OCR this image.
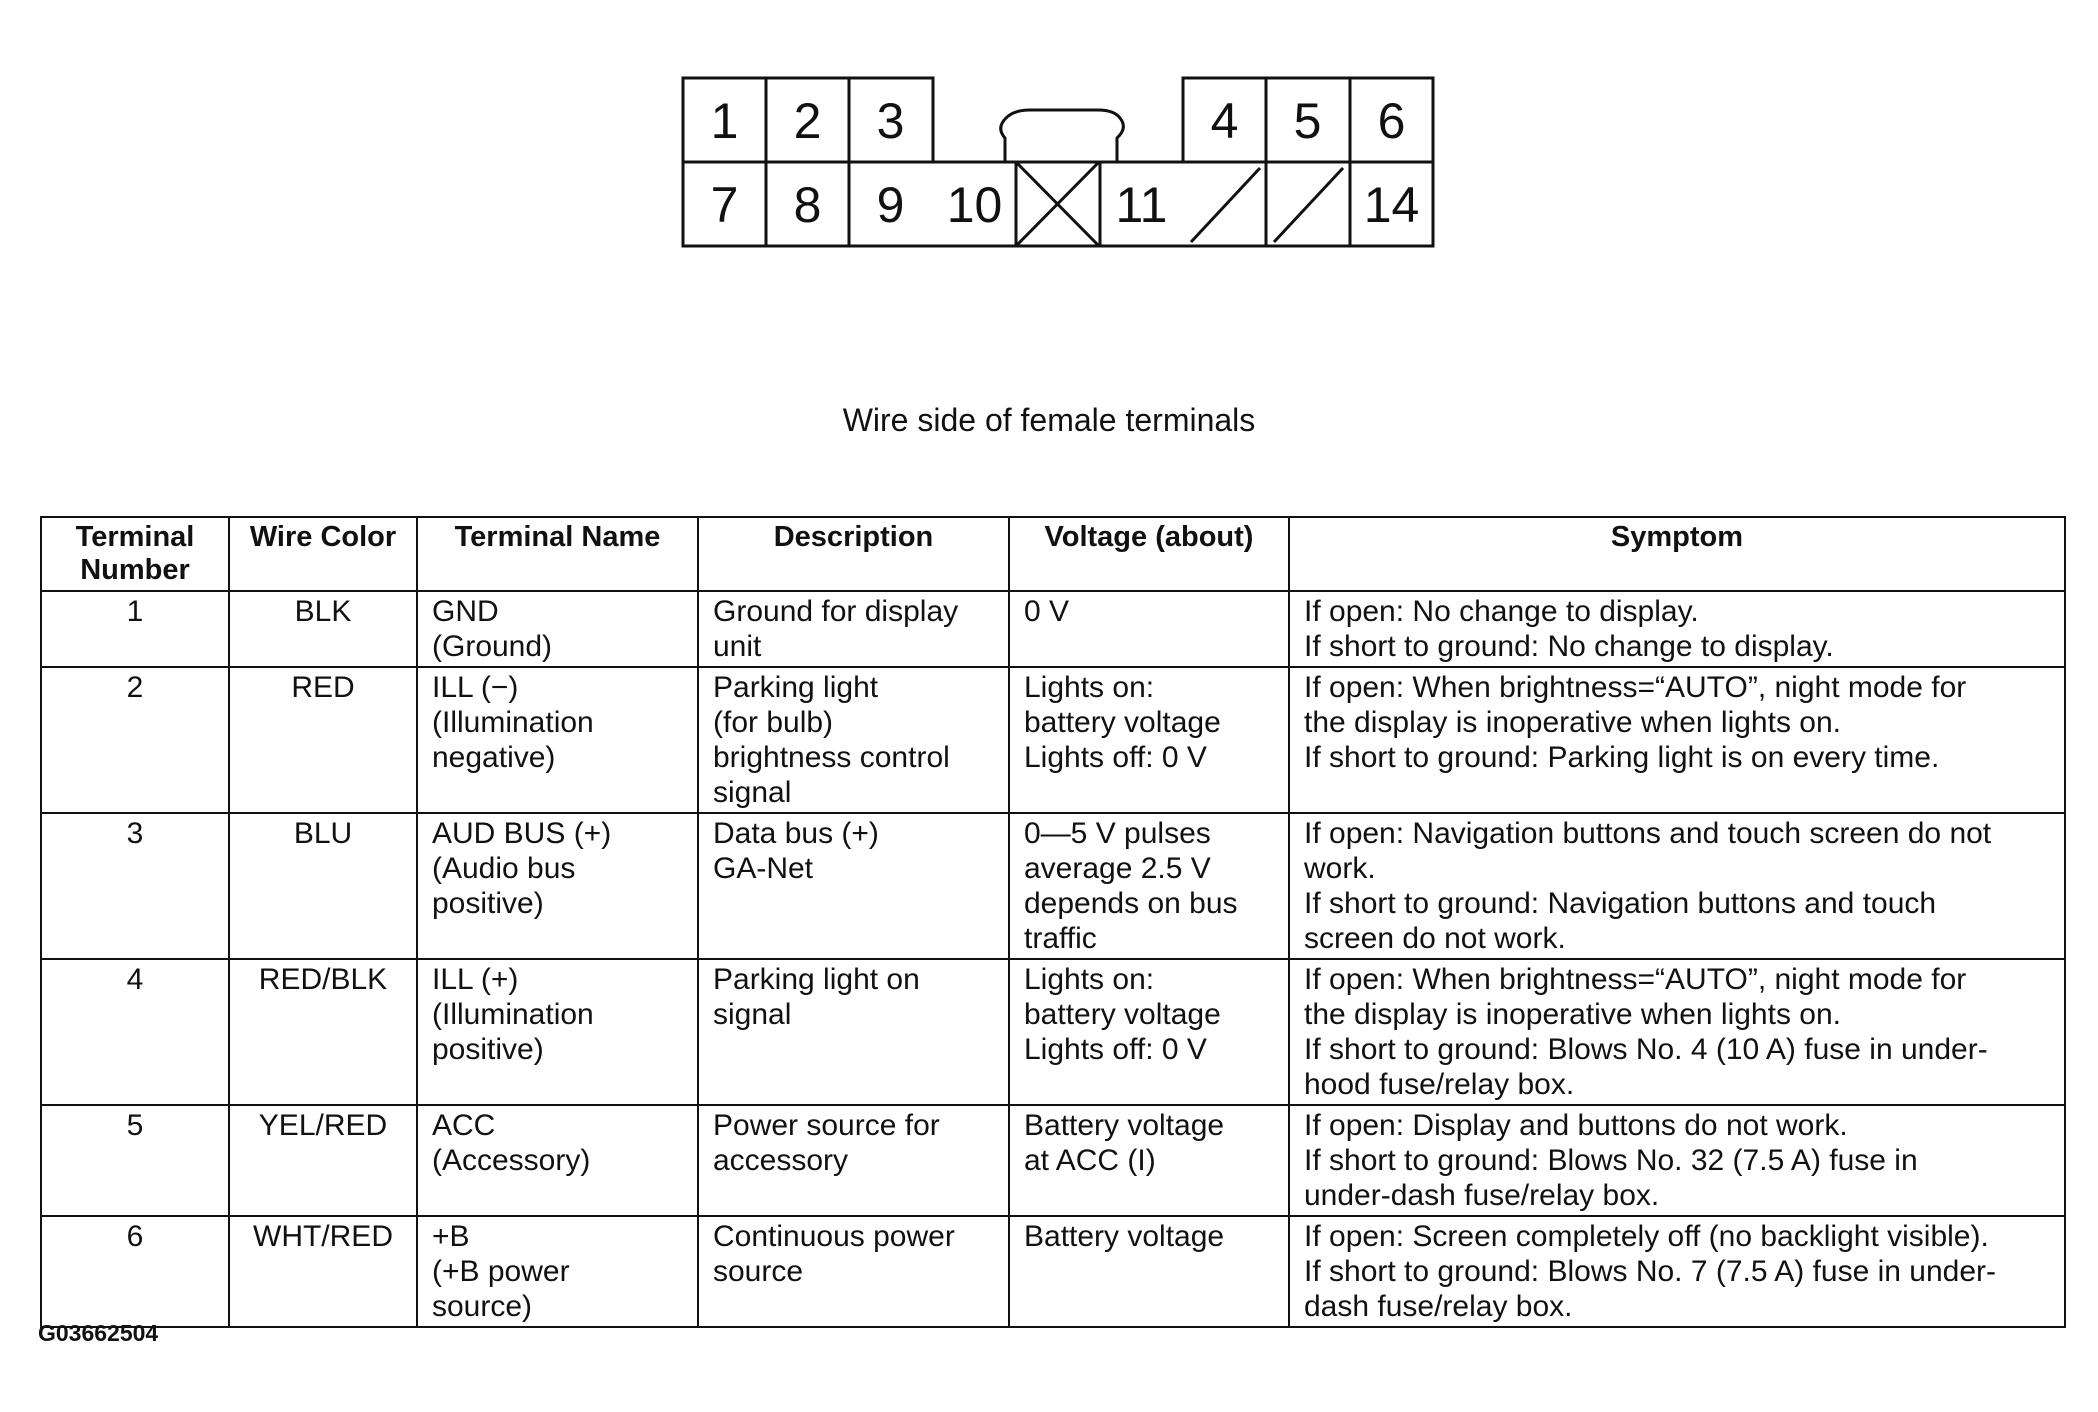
1 2 3	4 5 6
7 8 9 10 11	14
Wire side of female terminals
Terminal
Number	Wire Color	Terminal Name	Description	Voltage (about)	Symptom
1	BLK	GND
(Ground)	Ground for display
unit	0 V	If open: No change to display.
If short to ground: No change to display.

2	RED	ILL (−)
(Illumination
negative)	Parking light
(for bulb)
brightness control
signal	Lights on:
battery voltage
Lights off: 0 V	If open: When brightness=“AUTO”, night mode for
the display is inoperative when lights on.
If short to ground: Parking light is on every time.

3	BLU	AUD BUS (+)
(Audio bus
positive)	Data bus (+)
GA-Net	0—5 V pulses
average 2.5 V
depends on bus
traffic	If open: Navigation buttons and touch screen do not
work.
If short to ground: Navigation buttons and touch
screen do not work.

4	RED/BLK	ILL (+)
(Illumination
positive)	Parking light on
signal	Lights on:
battery voltage
Lights off: 0 V	If open: When brightness=“AUTO”, night mode for
the display is inoperative when lights on.
If short to ground: Blows No. 4 (10 A) fuse in under-
hood fuse/relay box.

5	YEL/RED	ACC
(Accessory)	Power source for
accessory	Battery voltage
at ACC (I)	If open: Display and buttons do not work.
If short to ground: Blows No. 32 (7.5 A) fuse in
under-dash fuse/relay box.

6	WHT/RED	+B
(+B power
source)	Continuous power
source	Battery voltage	If open: Screen completely off (no backlight visible).
If short to ground: Blows No. 7 (7.5 A) fuse in under-
dash fuse/relay box.
G03662504
